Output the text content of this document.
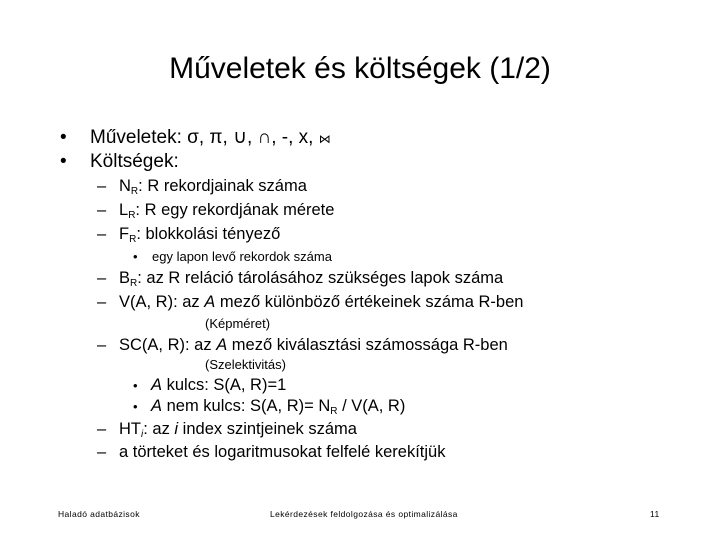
Műveletek és költségek (1/2)
• Műveletek: σ, π, ∪, ∩, -, x, ⋈
• Költségek:
– $N_R$: R rekordjainak száma
– $L_R$: R egy rekordjának mérete
– $F_R$: blokkolási tényező
• egy lapon levő rekordok száma
– $B_R$: az R reláció tárolásához szükséges lapok száma
– V(A, R): az A mező különböző értékeinek száma R-ben
(Képméret)
– SC(A, R): az A mező kiválasztási számossága R-ben
(Szelektivitás)
• A kulcs: S(A, R)=1
• A nem kulcs: S(A, $R)= N_R / V(A$, R)
– $HT_i$: az i index szintjeinek száma
– a törteket és logaritmusokat felfelé kerekítjük
Haladó adatbázisok	Lekérdezések feldolgozása és optimalizálása	11
